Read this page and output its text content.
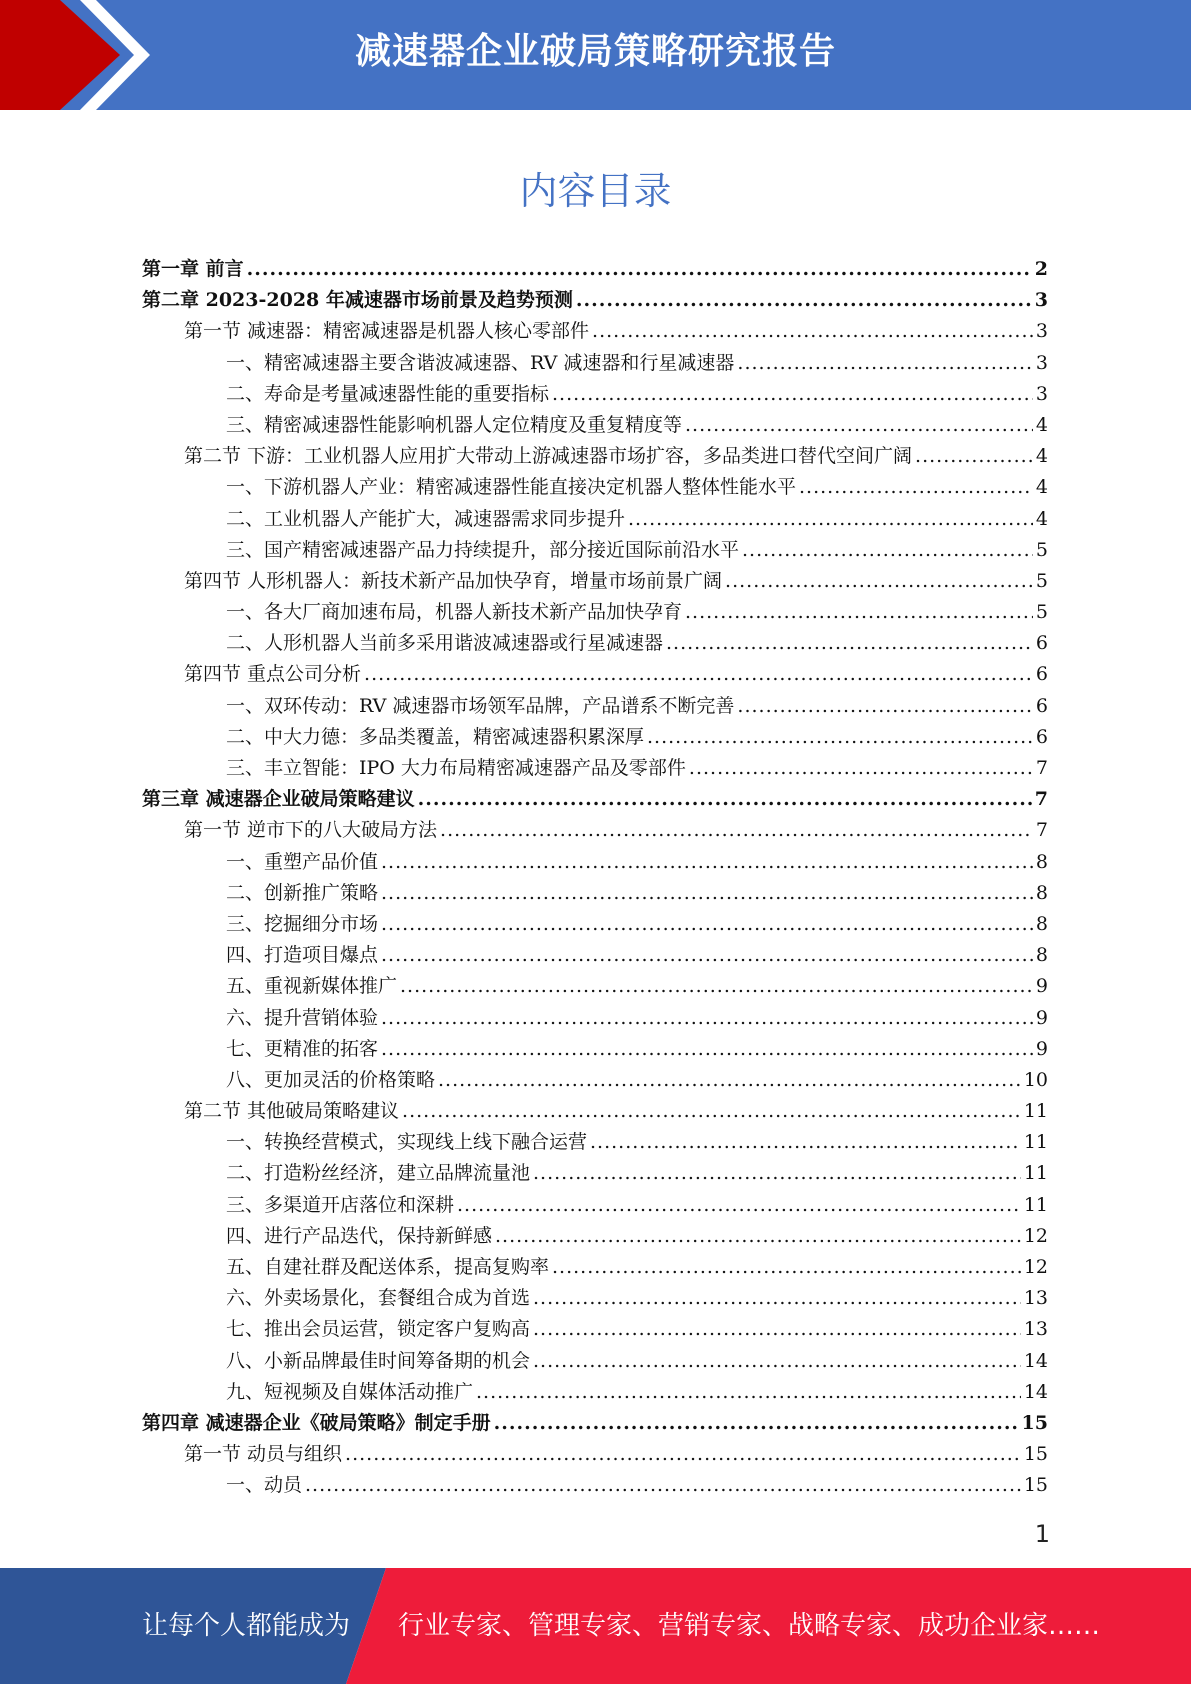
减速器企业破局策略研究报告
内容目录
第一章 前言 .....	2
第二章 2023-2028 年减速器市场前景及趋势预测 .....	3
第一节 减速器：精密减速器是机器人核心零部件 .....	3
一、精密减速器主要含谐波减速器、RV 减速器和行星减速器 .....	3
二、寿命是考量减速器性能的重要指标 .....	3
三、精密减速器性能影响机器人定位精度及重复精度等 .....	4
第二节 下游：工业机器人应用扩大带动上游减速器市场扩容，多品类进口替代空间广阔 .....	4
一、下游机器人产业：精密减速器性能直接决定机器人整体性能水平 .....	4
二、工业机器人产能扩大，减速器需求同步提升 .....	4
三、国产精密减速器产品力持续提升，部分接近国际前沿水平 .....	5
第四节 人形机器人：新技术新产品加快孕育，增量市场前景广阔 .....	5
一、各大厂商加速布局，机器人新技术新产品加快孕育 .....	5
二、人形机器人当前多采用谐波减速器或行星减速器 .....	6
第四节 重点公司分析 .....	6
一、双环传动：RV 减速器市场领军品牌，产品谱系不断完善 .....	6
二、中大力德：多品类覆盖，精密减速器积累深厚 .....	6
三、丰立智能：IPO 大力布局精密减速器产品及零部件 .....	7
第三章 减速器企业破局策略建议 .....	7
第一节 逆市下的八大破局方法 .....	7
一、重塑产品价值 .....	8
二、创新推广策略 .....	8
三、挖掘细分市场 .....	8
四、打造项目爆点 .....	8
五、重视新媒体推广 .....	9
六、提升营销体验 .....	9
七、更精准的拓客 .....	9
八、更加灵活的价格策略 .....	10
第二节 其他破局策略建议 .....	11
一、转换经营模式，实现线上线下融合运营 .....	11
二、打造粉丝经济，建立品牌流量池 .....	11
三、多渠道开店落位和深耕 .....	11
四、进行产品迭代，保持新鲜感 .....	12
五、自建社群及配送体系，提高复购率 .....	12
六、外卖场景化，套餐组合成为首选 .....	13
七、推出会员运营，锁定客户复购高 .....	13
八、小新品牌最佳时间筹备期的机会 .....	14
九、短视频及自媒体活动推广 .....	14
第四章 减速器企业《破局策略》制定手册 .....	15
第一节 动员与组织 .....	15
一、动员 .....	15
1
让每个人都能成为 行业专家、管理专家、营销专家、战略专家、成功企业家……
